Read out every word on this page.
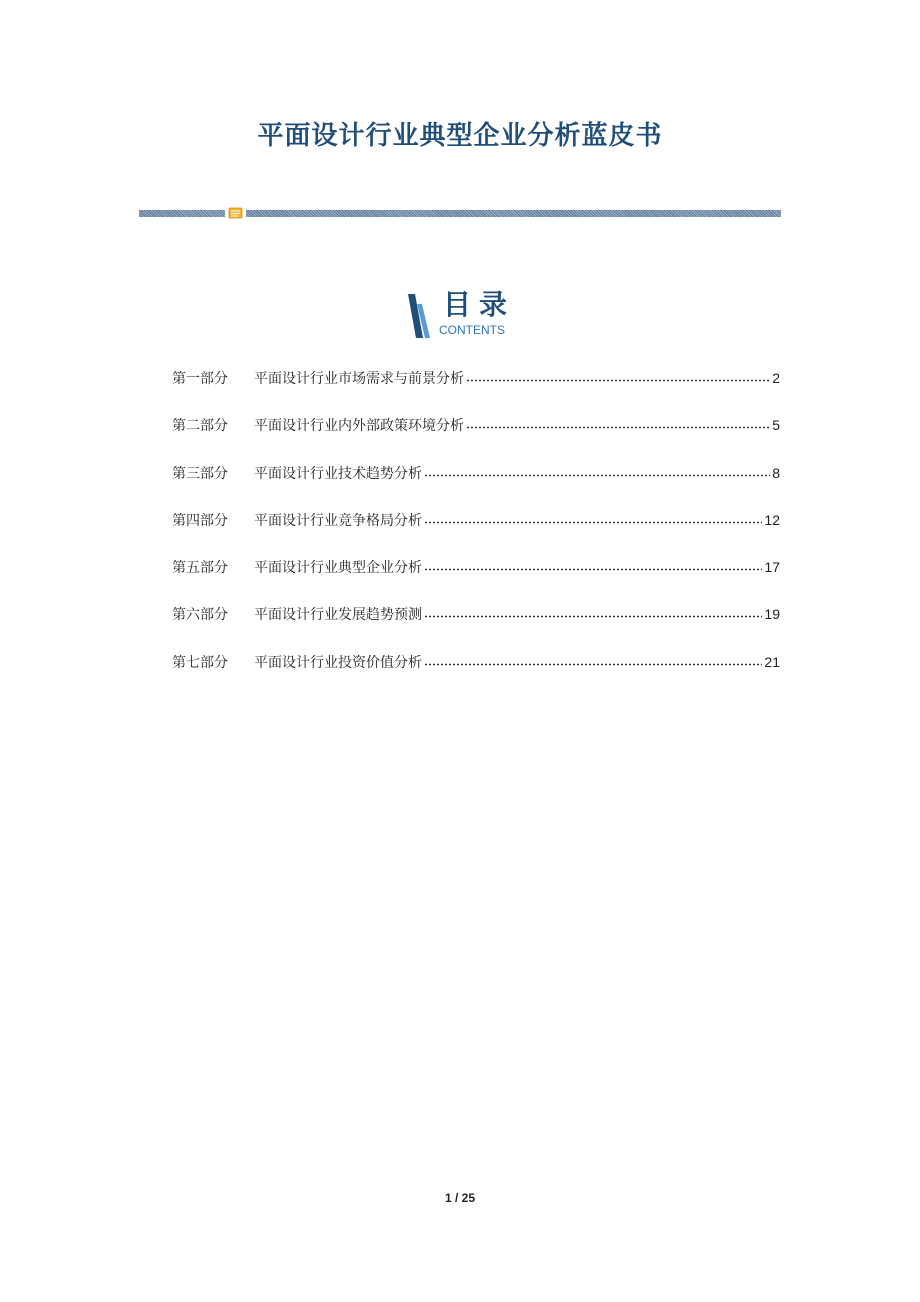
平面设计行业典型企业分析蓝皮书
目录
CONTENTS
第一部分	平面设计行业市场需求与前景分析	2
第二部分	平面设计行业内外部政策环境分析	5
第三部分	平面设计行业技术趋势分析	8
第四部分	平面设计行业竞争格局分析	12
第五部分	平面设计行业典型企业分析	17
第六部分	平面设计行业发展趋势预测	19
第七部分	平面设计行业投资价值分析	21
1 / 25
